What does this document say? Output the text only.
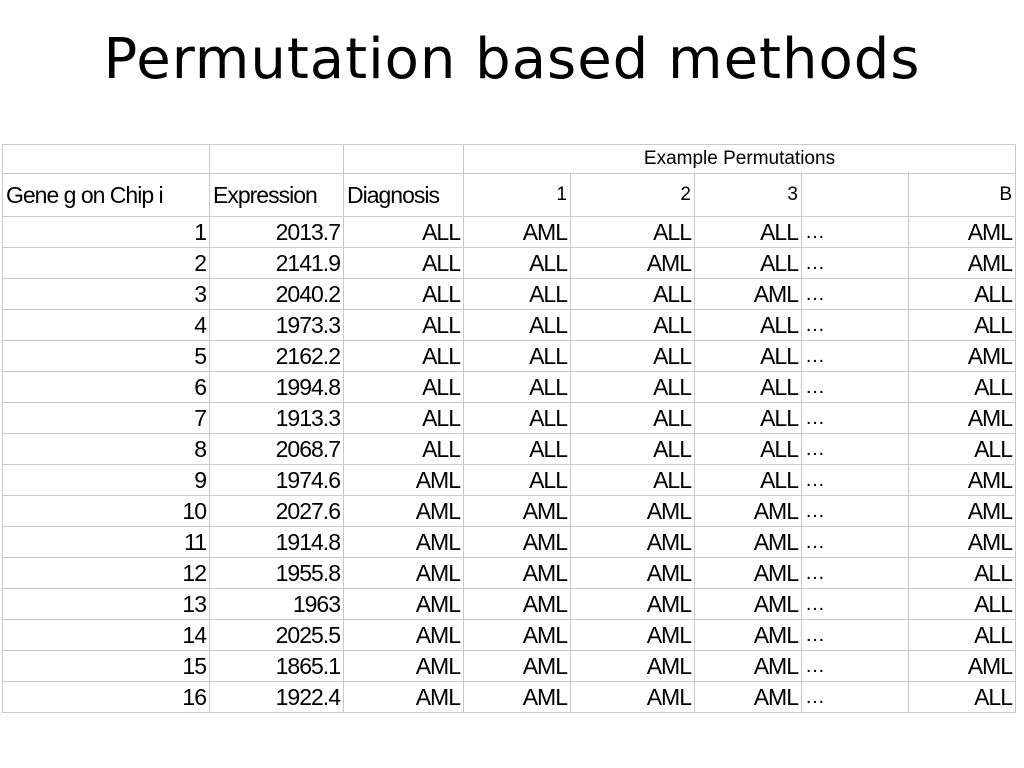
Permutation based methods
			Example Permutations				
Gene g on Chip i	Expression	Diagnosis	1	2	3		B
1	2013.7	ALL	AML	ALL	ALL	…	AML
2	2141.9	ALL	ALL	AML	ALL	…	AML
3	2040.2	ALL	ALL	ALL	AML	…	ALL
4	1973.3	ALL	ALL	ALL	ALL	…	ALL
5	2162.2	ALL	ALL	ALL	ALL	…	AML
6	1994.8	ALL	ALL	ALL	ALL	…	ALL
7	1913.3	ALL	ALL	ALL	ALL	…	AML
8	2068.7	ALL	ALL	ALL	ALL	…	ALL
9	1974.6	AML	ALL	ALL	ALL	…	AML
10	2027.6	AML	AML	AML	AML	…	AML
11	1914.8	AML	AML	AML	AML	…	AML
12	1955.8	AML	AML	AML	AML	…	ALL
13	1963	AML	AML	AML	AML	…	ALL
14	2025.5	AML	AML	AML	AML	…	ALL
15	1865.1	AML	AML	AML	AML	…	AML
16	1922.4	AML	AML	AML	AML	…	ALL
